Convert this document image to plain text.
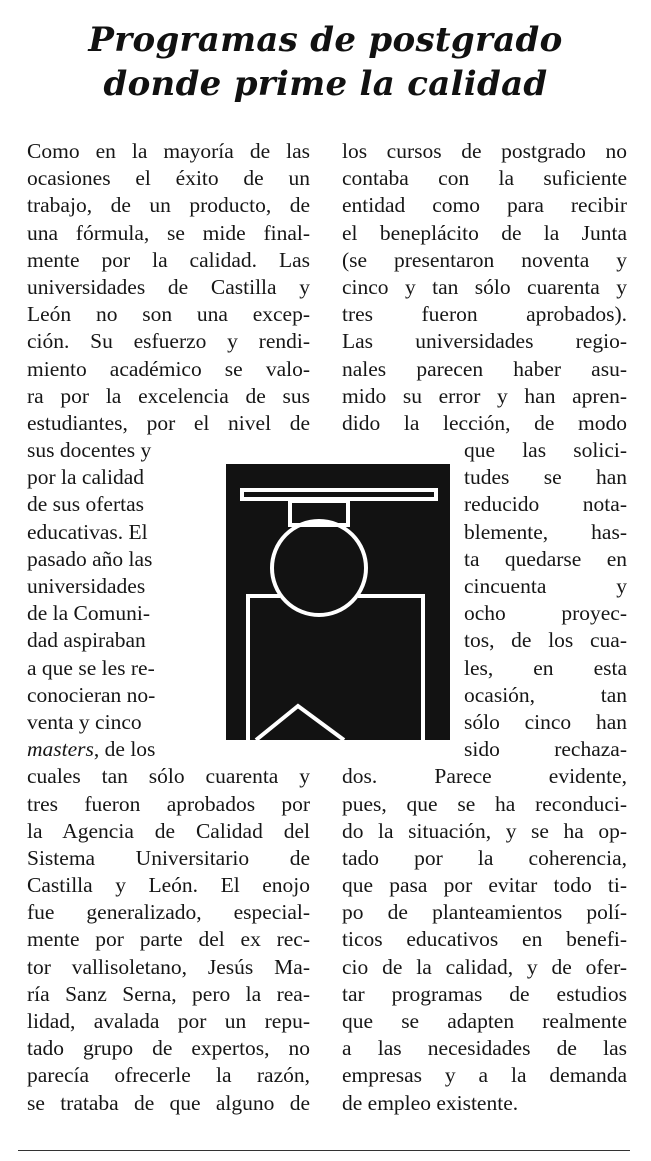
Programas de postgrado
donde prime la calidad
Como en la mayoría de las
ocasiones el éxito de un
trabajo, de un producto, de
una fórmula, se mide final-
mente por la calidad. Las
universidades de Castilla y
León no son una excep-
ción. Su esfuerzo y rendi-
miento académico se valo-
ra por la excelencia de sus
estudiantes, por el nivel de
sus docentes y
por la calidad
de sus ofertas
educativas. El
pasado año las
universidades
de la Comuni-
dad aspiraban
a que se les re-
conocieran no-
venta y cinco
masters, de los
cuales tan sólo cuarenta y
tres fueron aprobados por
la Agencia de Calidad del
Sistema Universitario de
Castilla y León. El enojo
fue generalizado, especial-
mente por parte del ex rec-
tor vallisoletano, Jesús Ma-
ría Sanz Serna, pero la rea-
lidad, avalada por un repu-
tado grupo de expertos, no
parecía ofrecerle la razón,
se trataba de que alguno de
los cursos de postgrado no
contaba con la suficiente
entidad como para recibir
el beneplácito de la Junta
(se presentaron noventa y
cinco y tan sólo cuarenta y
tres fueron aprobados).
Las universidades regio-
nales parecen haber asu-
mido su error y han apren-
dido la lección, de modo
que las solici-
tudes se han
reducido nota-
blemente, has-
ta quedarse en
cincuenta y
ocho proyec-
tos, de los cua-
les, en esta
ocasión, tan
sólo cinco han
sido rechaza-
dos. Parece evidente,
pues, que se ha reconduci-
do la situación, y se ha op-
tado por la coherencia,
que pasa por evitar todo ti-
po de planteamientos polí-
ticos educativos en benefi-
cio de la calidad, y de ofer-
tar programas de estudios
que se adapten realmente
a las necesidades de las
empresas y a la demanda
de empleo existente.
